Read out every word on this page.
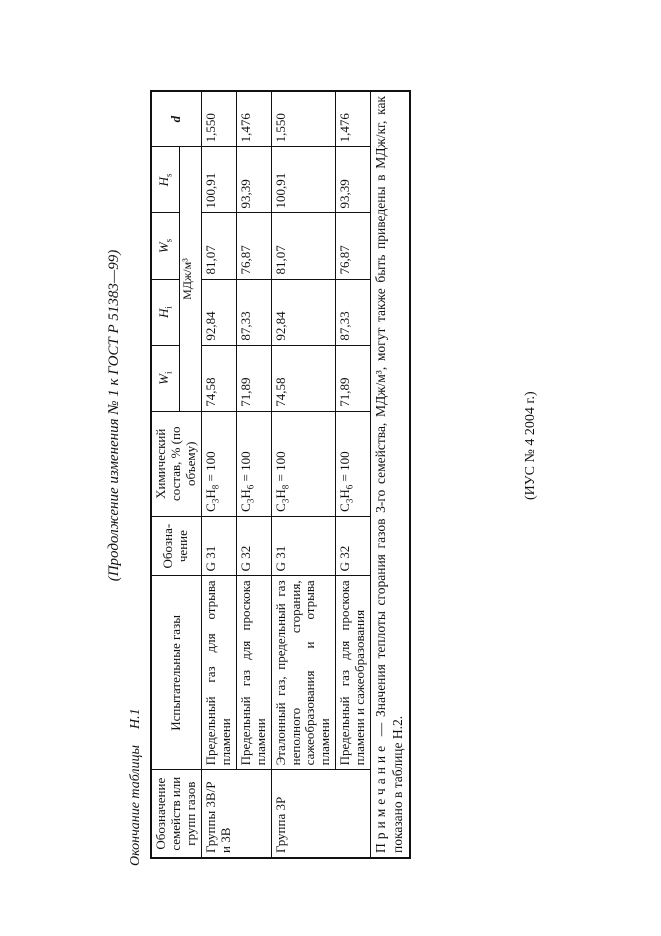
(Продолжение изменения № 1 к ГОСТ Р 51383—99)
Окончание таблицыН.1
Обозначение семейств или групп газов	Испытательные газы	Обозна-чение	Химический состав, % (по объему)	$W_i$	$H_i$	$W_s$	$H_s$	d
				МДж/м³				
Группы 3В/Р и 3В	Предельный газ для отрыва пламени	G 31	$C_3H_8 = 100$	74,58	92,84	81,07	100,91	1,550
	Предельный газ для проскока пламени	G 32	$C_3H_6 = 100$	71,89	87,33	76,87	93,39	1,476
Группа 3Р	Эталонный газ, предельный газ неполного сгорания, сажеобразования и отрыва пламени	G 31	$C_3H_8 = 100$	74,58	92,84	81,07	100,91	1,550
	Предельный газ для проскока пламени и сажеобразования	G 32	$C_3H_6 = 100$	71,89	87,33	76,87	93,39	1,476
Примечание — Значения теплоты сгорания газов 3-го семейства, МДж/м³, могут также быть приведены в МДж/кг, как показано в таблице Н.2.								
(ИУС № 4 2004 г.)
